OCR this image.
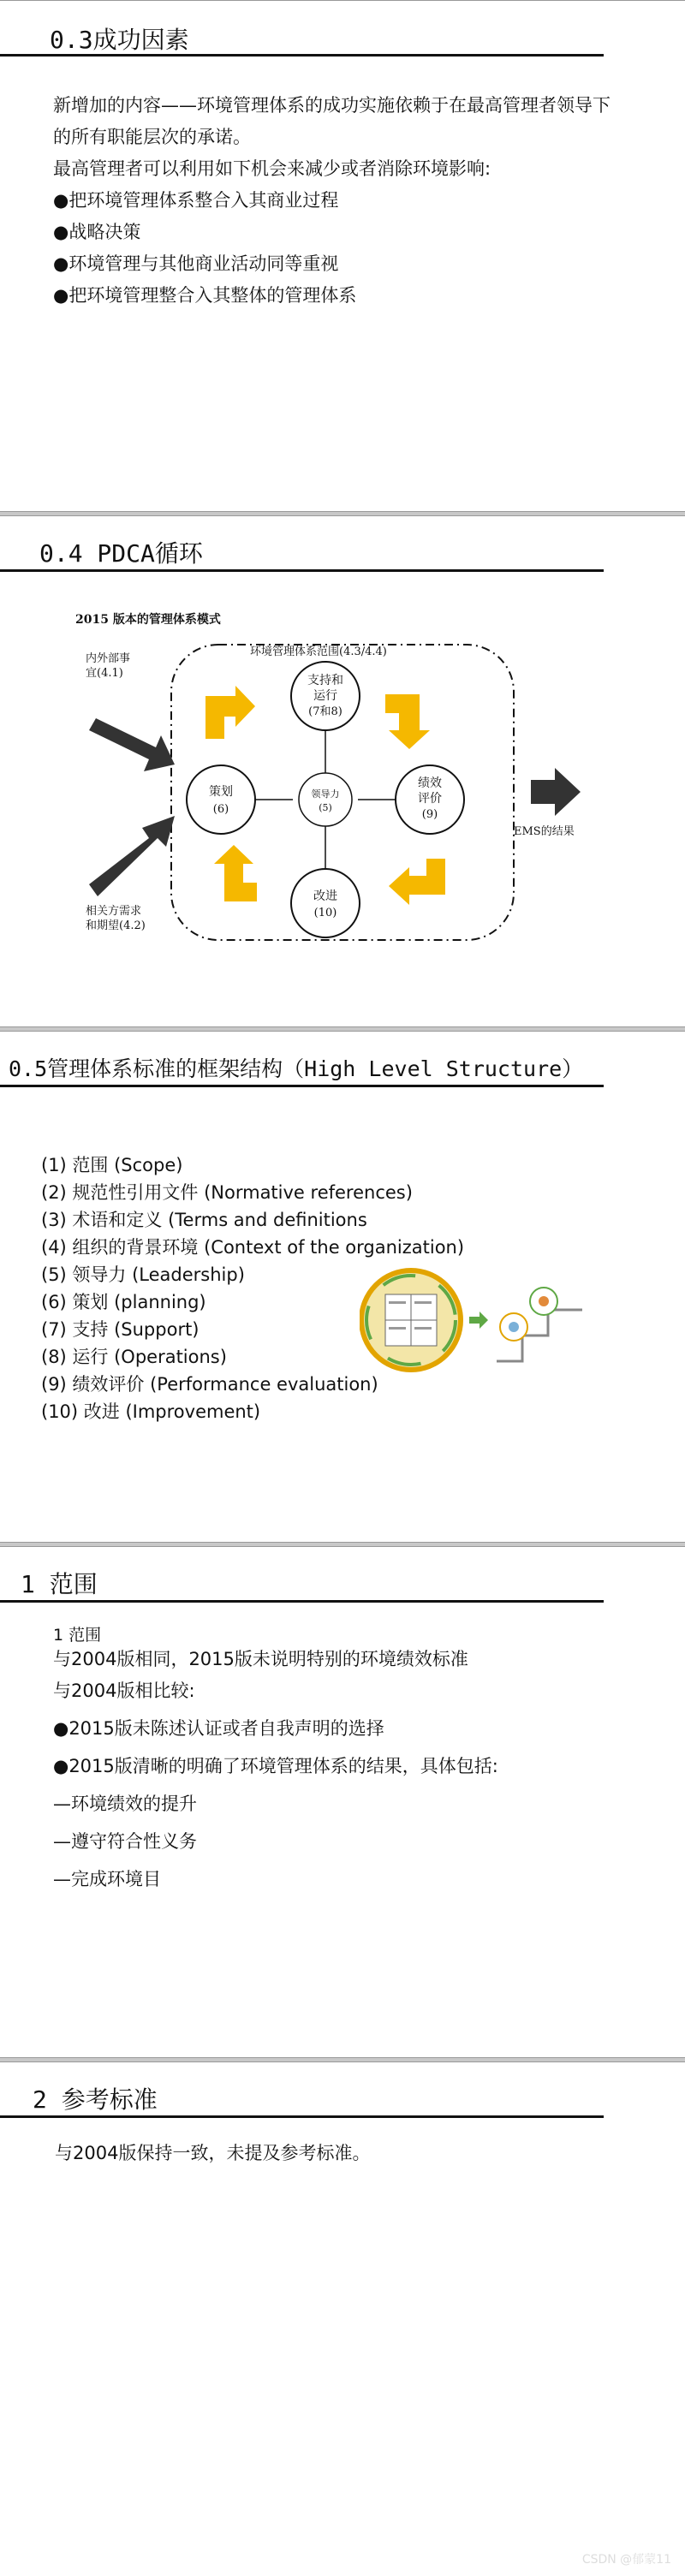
0.3成功因素

新增加的内容——环境管理体系的成功实施依赖于在最高管理者领导下

的所有职能层次的承诺。

最高管理者可以利用如下机会来减少或者消除环境影响:

●把环境管理体系整合入其商业过程

●战略决策

●环境管理与其他商业活动同等重视

●把环境管理整合入其整体的管理体系

0.4 PDCA循环
2015 版本的管理体系模式
环境管理体系范围(4.3/4.4)
内外部事
宜(4.1)
相关方需求
和期望(4.2)
EMS的结果
支持和
运行
(7和8)
策划
(6)
领导力
(5)
绩效
评价
(9)
改进
(10)
0.5管理体系标准的框架结构（High Level Structure）

(1) 范围 (Scope)

(2) 规范性引用文件 (Normative references)

(3) 术语和定义 (Terms and definitions

(4) 组织的背景环境 (Context of the organization)

(5) 领导力 (Leadership)

(6) 策划 (planning)

(7) 支持 (Support)

(8) 运行 (Operations)

(9) 绩效评价 (Performance evaluation)

(10) 改进 (Improvement)

1 范围

1 范围

与2004版相同，2015版未说明特别的环境绩效标准

与2004版相比较:

●2015版未陈述认证或者自我声明的选择

●2015版清晰的明确了环境管理体系的结果，具体包括:

—环境绩效的提升

—遵守符合性义务

—完成环境目

2 参考标准

与2004版保持一致，未提及参考标准。

CSDN @郁蒙11
